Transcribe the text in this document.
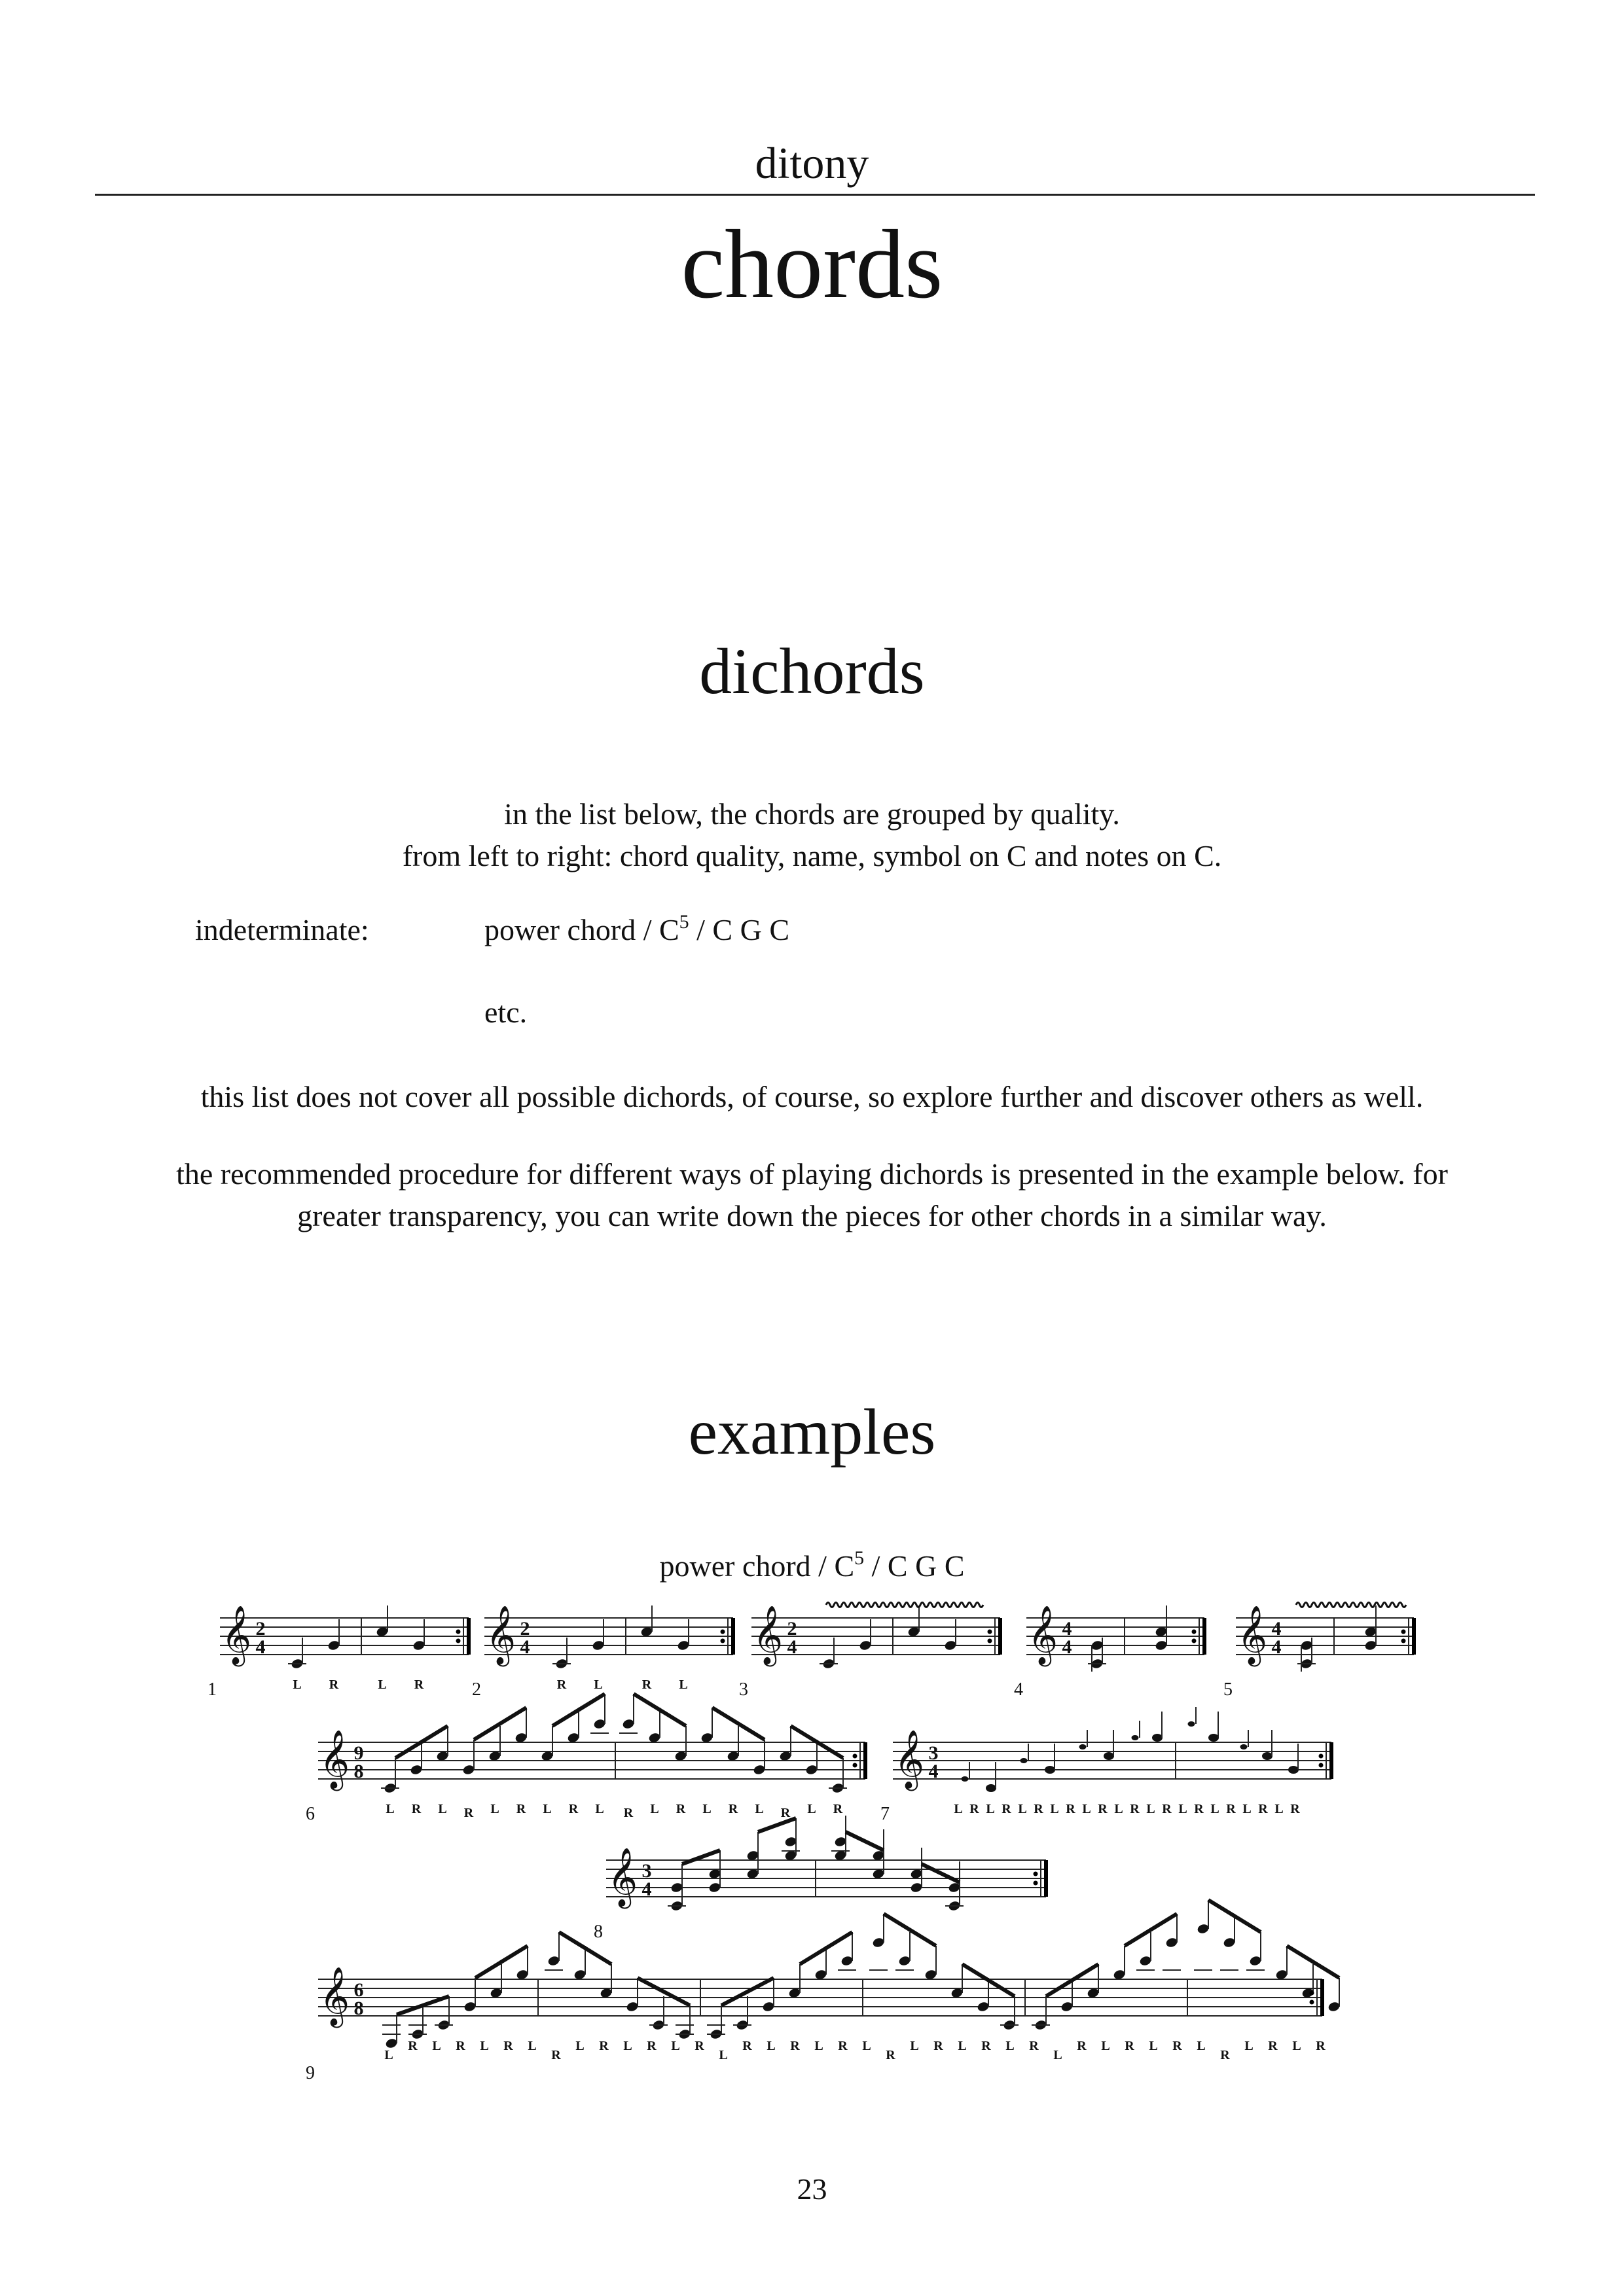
ditony
chords
dichords
in the list below, the chords are grouped by quality.
from left to right: chord quality, name, symbol on C and notes on C.
indeterminate:	power chord / $C^5$ / C G C
etc.
this list does not cover all possible dichords, of course, so explore further and discover others as well.
the recommended procedure for different ways of playing dichords is presented in the example below. for
greater transparency, you can write down the pieces for other chords in a similar way.
examples
power chord / $C^5$ / C G C
𝄞 2
4
1	L R	L R
𝄞 2
4
2	R L	R L
𝄞 2
4
3
𝄞 4
4
4
𝄞 4
4
5
𝄞 9
8
6	L R L R L R L R L R L R L R L R L R
𝄞 3
4
7	L R L R L R L R L R L R L R L R L R L R L R
𝄞 3
4
8
𝄞 6
8
9
L
R L R L R L
R
L R L R L R
L
R L R L R L
R
L R L R L R
L
R L R L R L
R
L R L R
23
